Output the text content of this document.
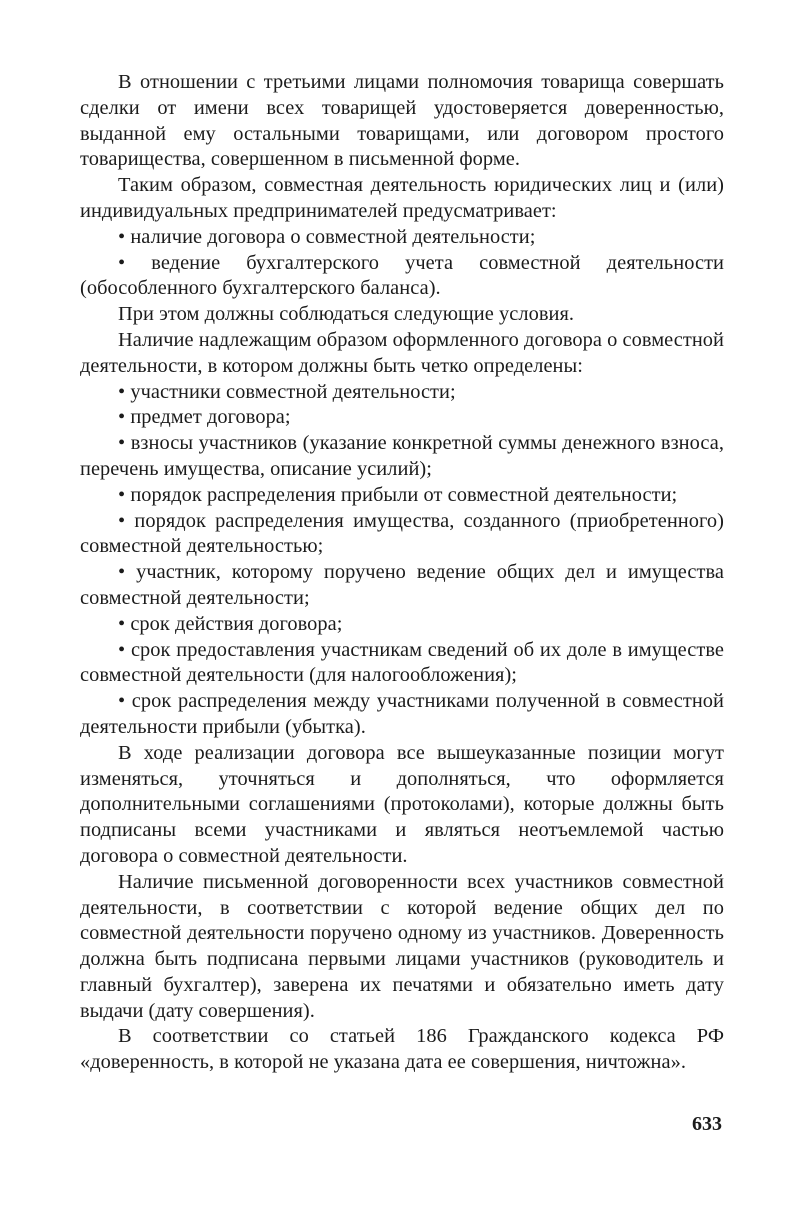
В отношении с третьими лицами полномочия товарища совершать сделки от имени всех товарищей удостоверяется доверенностью, выданной ему остальными товарищами, или договором простого товарищества, совершенном в письменной форме.

Таким образом, совместная деятельность юридических лиц и (или) индивидуальных предпринимателей предусматривает:

• наличие договора о совместной деятельности;

• ведение бухгалтерского учета совместной деятельности (обособленного бухгалтерского баланса).

При этом должны соблюдаться следующие условия.

Наличие надлежащим образом оформленного договора о совместной деятельности, в котором должны быть четко определены:

• участники совместной деятельности;

• предмет договора;

• взносы участников (указание конкретной суммы денежного взноса, перечень имущества, описание усилий);

• порядок распределения прибыли от совместной деятельности;

• порядок распределения имущества, созданного (приобретенного) совместной деятельностью;

• участник, которому поручено ведение общих дел и имущества совместной деятельности;

• срок действия договора;

• срок предоставления участникам сведений об их доле в имуществе совместной деятельности (для налогообложения);

• срок распределения между участниками полученной в совместной деятельности прибыли (убытка).

В ходе реализации договора все вышеуказанные позиции могут изменяться, уточняться и дополняться, что оформляется дополнительными соглашениями (протоколами), которые должны быть подписаны всеми участниками и являться неотъемлемой частью договора о совместной деятельности.

Наличие письменной договоренности всех участников совместной деятельности, в соответствии с которой ведение общих дел по совместной деятельности поручено одному из участников. Доверенность должна быть подписана первыми лицами участников (руководитель и главный бухгалтер), заверена их печатями и обязательно иметь дату выдачи (дату совершения).

В соответствии со статьей 186 Гражданского кодекса РФ «доверенность, в которой не указана дата ее совершения, ничтожна».

633
